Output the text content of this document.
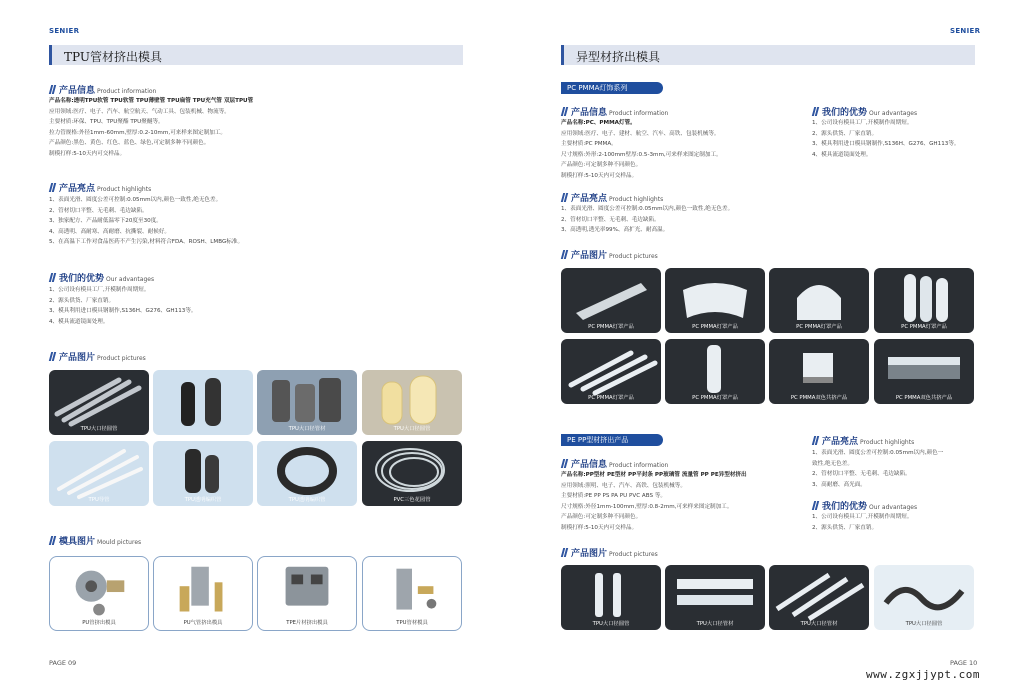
SENIER
TPU管材挤出模具
产品信息 Product information
产品名称:透明TPU软管 TPU软管 TPU薄壁管 TPU扁管 TPU充气管 双层TPU管
应用领域:医疗、电子、汽车、航空航天、气动工具、包装机械、物流等。
主要材质:环保、TPU、TPU聚酯 TPU聚醚等。
拉力管规格:外径1mm-60mm,壁厚:0.2-10mm,可来样来图定制加工。
产品颜色:黑色、黄色、红色、蓝色、绿色,可定制多种不同颜色。
制模打样:5-10天内可交样品。
产品亮点 Product highlights
1、表面光滑、圆度公差可控制:0.05mm以内,颜色一致性,绝无色差。
2、管材切口平整、无毛刺、毛边缺陷。
3、独家配方、产品耐低温零下20度至30度。
4、高透明、高耐寒、高耐磨、抗撕裂、耐候好。
5、在高温下工作对食品医药不产生污染,材料符合FDA、ROSH、LMBG标准。
我们的优势 Our advantages
1、公司设有模具工厂,开模制作周期短。
2、源头供货、厂家直销。
3、模具利用进口模具钢制作,S136H、G276、GH113等。
4、模具流道镜面处理。
产品图片 Product pictures
TPU大口径圆管	TPU大口径管材	TPU大口径圆管
TPU导管	TPU透明编织管	TPU透明编织管	PVC三色花园管
模具图片 Mould pictures
PU管挤出模具	PU气管挤出模具	TPE片材挤出模具	TPU管材模具
PAGE 09
SENIER
异型材挤出模具
PC PMMA灯饰系列
产品信息 Product information
产品名称:PC、PMMA灯管。
应用领域:医疗、电子、建材、航空、汽车、高铁、包装机械等。
主要材质:PC PMMA。
尺寸规格:外形:2-100mm壁厚:0.5-3mm,可来样来图定制加工。
产品颜色:可定制多种不同颜色。
制模打样:5-10天内可交样品。
我们的优势 Our advantages
1、公司设有模具工厂,开模制作周期短。
2、源头供货、厂家直销。
3、模具利用进口模具钢制作,S136H、G276、GH113等。
4、模具流道镜面处理。
产品亮点 Product highlights
1、表面光滑、圆度公差可控制:0.05mm以内,颜色一致性,绝无色差。
2、管材切口平整、无毛刺、毛边缺陷。
3、高透明,透光率99%、高扩光、耐高温。
产品图片 Product pictures
PC PMMA灯罩产品	PC PMMA灯罩产品	PC PMMA灯罩产品	PC PMMA灯罩产品
PC PMMA灯罩产品	PC PMMA灯罩产品	PC PMMA双色共挤产品	PC PMMA双色共挤产品
PE PP型材挤出产品	产品亮点 Product highlights
1、表面光滑、圆度公差可控制:0.05mm以内,颜色一
致性,绝无色差。
2、管材切口平整、无毛刺、毛边缺陷。
3、高耐磨、高光面。
产品信息 Product information
产品名称:PP型材 PE型材 PP平封条 PP玻璃管 流量管 PP PE异型材挤出
应用领域:照明、电子、汽车、高铁、包装机械等。
主要材质:PE PP PS PA PU PVC ABS 等。
尺寸规格:外径1mm-100mm,壁厚:0.8-2mm,可来样来图定制加工。
产品颜色:可定制多种不同颜色。
制模打样:5-10天内可交样品。
我们的优势 Our advantages
1、公司设有模具工厂,开模制作周期短。
2、源头供货、厂家直销。
产品图片 Product pictures
TPU大口径圆管	TPU大口径管材	TPU大口径管材	TPU大口径圆管
PAGE 10
www.zgxjjypt.com
